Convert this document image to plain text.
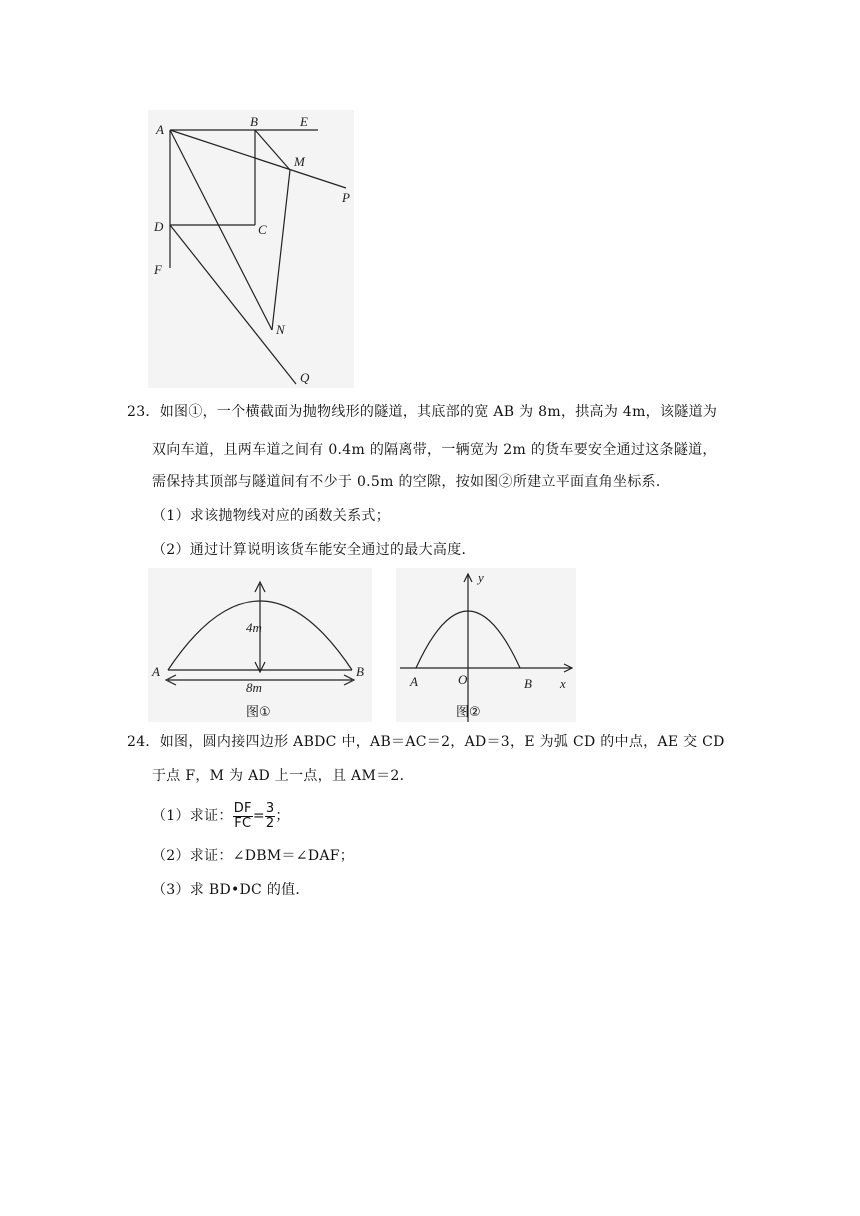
A
B	E
M
P
D	C
F
N
Q
23．如图①，一个横截面为抛物线形的隧道，其底部的宽 AB 为 8m，拱高为 4m，该隧道为
双向车道，且两车道之间有 0.4m 的隔离带，一辆宽为 2m 的货车要安全通过这条隧道，
需保持其顶部与隧道间有不少于 0.5m 的空隙，按如图②所建立平面直角坐标系．
（1）求该抛物线对应的函数关系式；
（2）通过计算说明该货车能安全通过的最大高度．
A	B
4m
8m
图①
A	O	B x
y
图②
24．如图，圆内接四边形 ABDC 中，AB＝AC＝2，AD＝3，E 为弧 CD 的中点，AE 交 CD
于点 F，M 为 AD 上一点，且 AM＝2．
（1）求证： $\frac{DF}{FC} = \frac{3}{2}$ ；
（2）求证：∠DBM＝∠DAF；
（3）求 BD•DC 的值．
